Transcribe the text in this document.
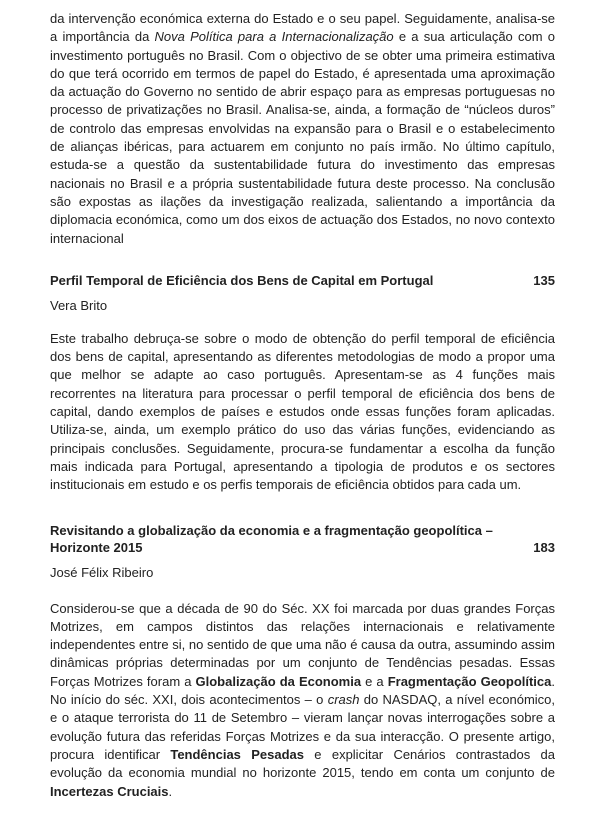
da intervenção económica externa do Estado e o seu papel. Seguidamente, analisa-se a importância da Nova Política para a Internacionalização e a sua articulação com o investimento português no Brasil. Com o objectivo de se obter uma primeira estimativa do que terá ocorrido em termos de papel do Estado, é apresentada uma aproximação da actuação do Governo no sentido de abrir espaço para as empresas portuguesas no processo de privatizações no Brasil. Analisa-se, ainda, a formação de “núcleos duros” de controlo das empresas envolvidas na expansão para o Brasil e o estabelecimento de alianças ibéricas, para actuarem em conjunto no país irmão. No último capítulo, estuda-se a questão da sustentabilidade futura do investimento das empresas nacionais no Brasil e a própria sustentabilidade futura deste processo. Na conclusão são expostas as ilações da investigação realizada, salientando a importância da diplomacia económica, como um dos eixos de actuação dos Estados, no novo contexto internacional

Perfil Temporal de Eficiência dos Bens de Capital em Portugal	135
Vera Brito

Este trabalho debruça-se sobre o modo de obtenção do perfil temporal de eficiência dos bens de capital, apresentando as diferentes metodologias de modo a propor uma que melhor se adapte ao caso português. Apresentam-se as 4 funções mais recorrentes na literatura para processar o perfil temporal de eficiência dos bens de capital, dando exemplos de países e estudos onde essas funções foram aplicadas. Utiliza-se, ainda, um exemplo prático do uso das várias funções, evidenciando as principais conclusões. Seguidamente, procura-se fundamentar a escolha da função mais indicada para Portugal, apresentando a tipologia de produtos e os sectores institucionais em estudo e os perfis temporais de eficiência obtidos para cada um.

Revisitando a globalização da economia e a fragmentação geopolítica – Horizonte 2015	183
José Félix Ribeiro

Considerou-se que a década de 90 do Séc. XX foi marcada por duas grandes Forças Motrizes, em campos distintos das relações internacionais e relativamente independentes entre si, no sentido de que uma não é causa da outra, assumindo assim dinâmicas próprias determinadas por um conjunto de Tendências pesadas. Essas Forças Motrizes foram a Globalização da Economia e a Fragmentação Geopolítica. No início do séc. XXI, dois acontecimentos – o crash do NASDAQ, a nível económico, e o ataque terrorista do 11 de Setembro – vieram lançar novas interrogações sobre a evolução futura das referidas Forças Motrizes e da sua interacção. O presente artigo, procura identificar Tendências Pesadas e explicitar Cenários contrastados da evolução da economia mundial no horizonte 2015, tendo em conta um conjunto de Incertezas Cruciais.
